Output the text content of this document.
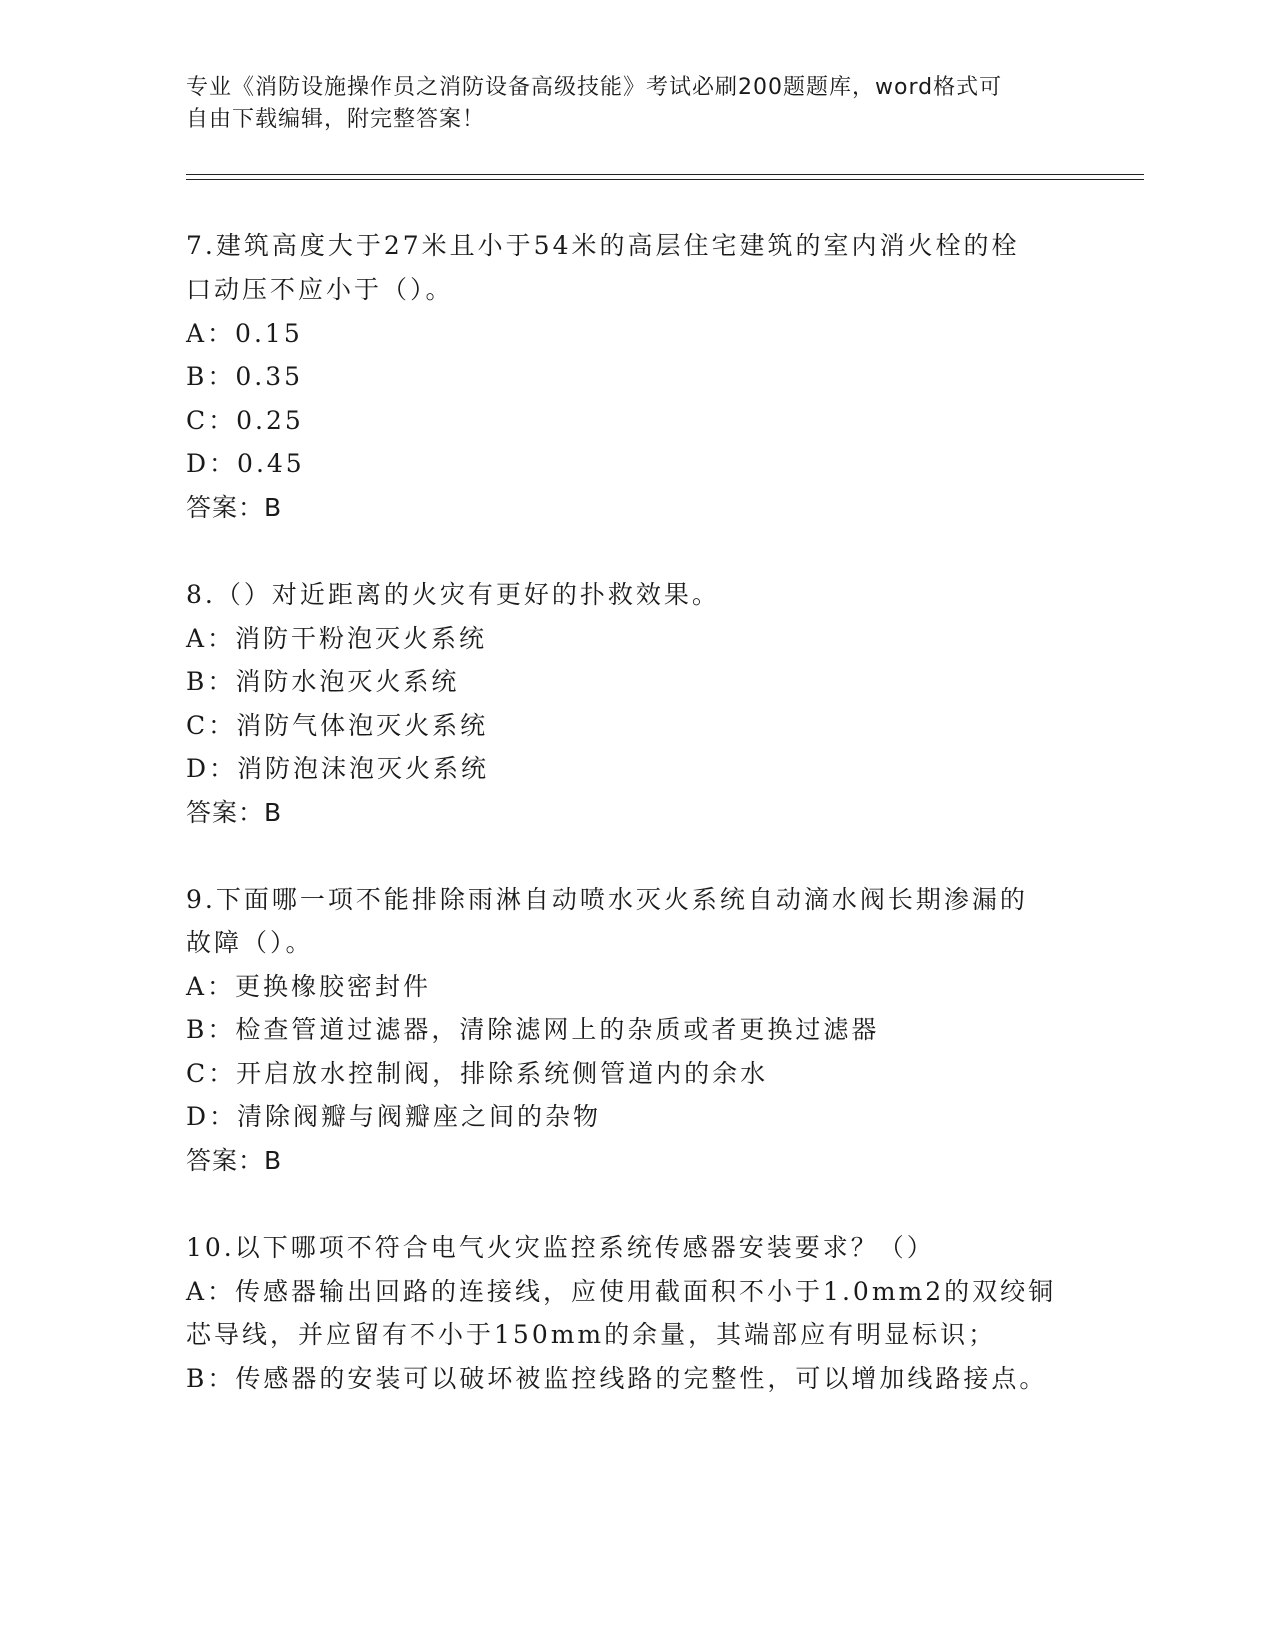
专业《消防设施操作员之消防设备高级技能》考试必刷200题题库，word格式可
自由下载编辑，附完整答案！
7.建筑高度大于27米且小于54米的高层住宅建筑的室内消火栓的栓
口动压不应小于（）。
A：0.15
B：0.35
C：0.25
D：0.45
答案：B
8.（）对近距离的火灾有更好的扑救效果。
A：消防干粉泡灭火系统
B：消防水泡灭火系统
C：消防气体泡灭火系统
D：消防泡沫泡灭火系统
答案：B
9.下面哪一项不能排除雨淋自动喷水灭火系统自动滴水阀长期渗漏的
故障（）。
A：更换橡胶密封件
B：检查管道过滤器，清除滤网上的杂质或者更换过滤器
C：开启放水控制阀，排除系统侧管道内的余水
D：清除阀瓣与阀瓣座之间的杂物
答案：B
10.以下哪项不符合电气火灾监控系统传感器安装要求？（）
A：传感器输出回路的连接线，应使用截面积不小于1.0mm2的双绞铜
芯导线，并应留有不小于150mm的余量，其端部应有明显标识；
B：传感器的安装可以破坏被监控线路的完整性，可以增加线路接点。
